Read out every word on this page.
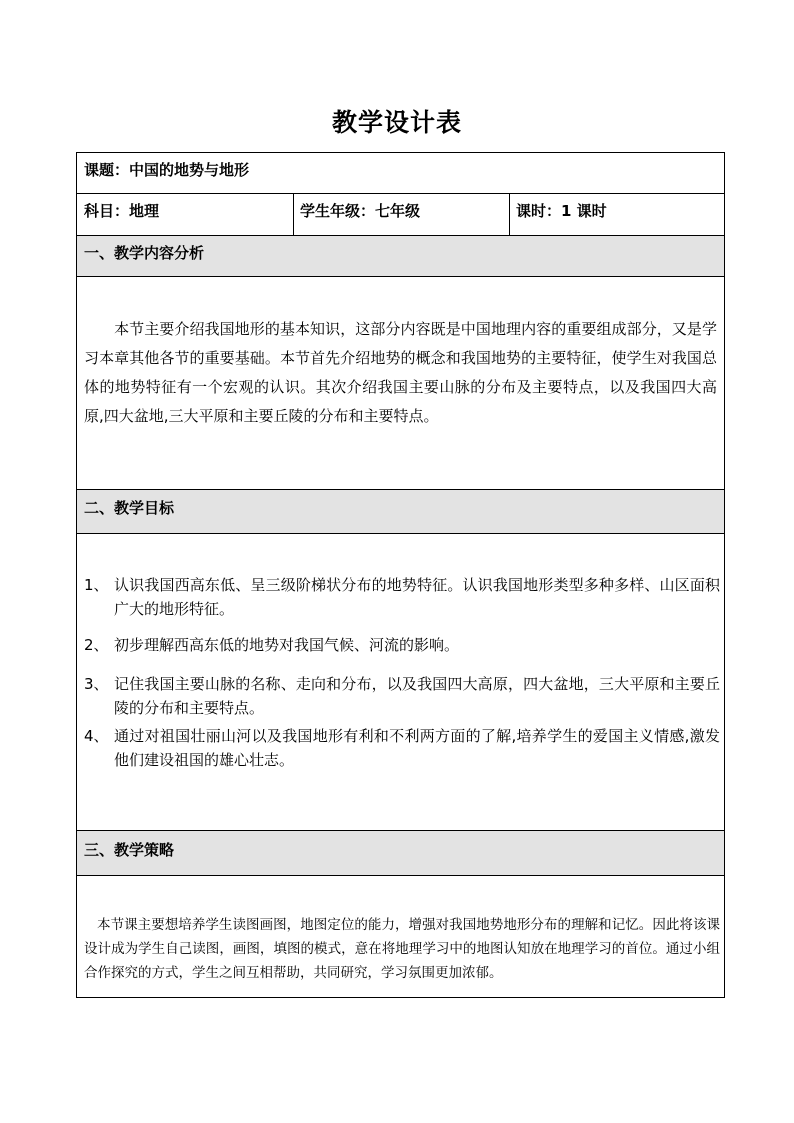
教学设计表
课题：中国的地势与地形
科目：地理	学生年级：七年级	课时：1 课时
一、教学内容分析
本节主要介绍我国地形的基本知识，这部分内容既是中国地理内容的重要组成部分，又是学习本章其他各节的重要基础。本节首先介绍地势的概念和我国地势的主要特征，使学生对我国总体的地势特征有一个宏观的认识。其次介绍我国主要山脉的分布及主要特点，以及我国四大高原,四大盆地,三大平原和主要丘陵的分布和主要特点。
二、教学目标
1、 认识我国西高东低、呈三级阶梯状分布的地势特征。认识我国地形类型多种多样、山区面积广大的地形特征。
2、 初步理解西高东低的地势对我国气候、河流的影响。
3、 记住我国主要山脉的名称、走向和分布，以及我国四大高原，四大盆地，三大平原和主要丘陵的分布和主要特点。
4、 通过对祖国壮丽山河以及我国地形有利和不利两方面的了解,培养学生的爱国主义情感,激发他们建设祖国的雄心壮志。
三、教学策略
本节课主要想培养学生读图画图，地图定位的能力，增强对我国地势地形分布的理解和记忆。因此将该课设计成为学生自己读图，画图，填图的模式，意在将地理学习中的地图认知放在地理学习的首位。通过小组合作探究的方式，学生之间互相帮助，共同研究，学习氛围更加浓郁。
